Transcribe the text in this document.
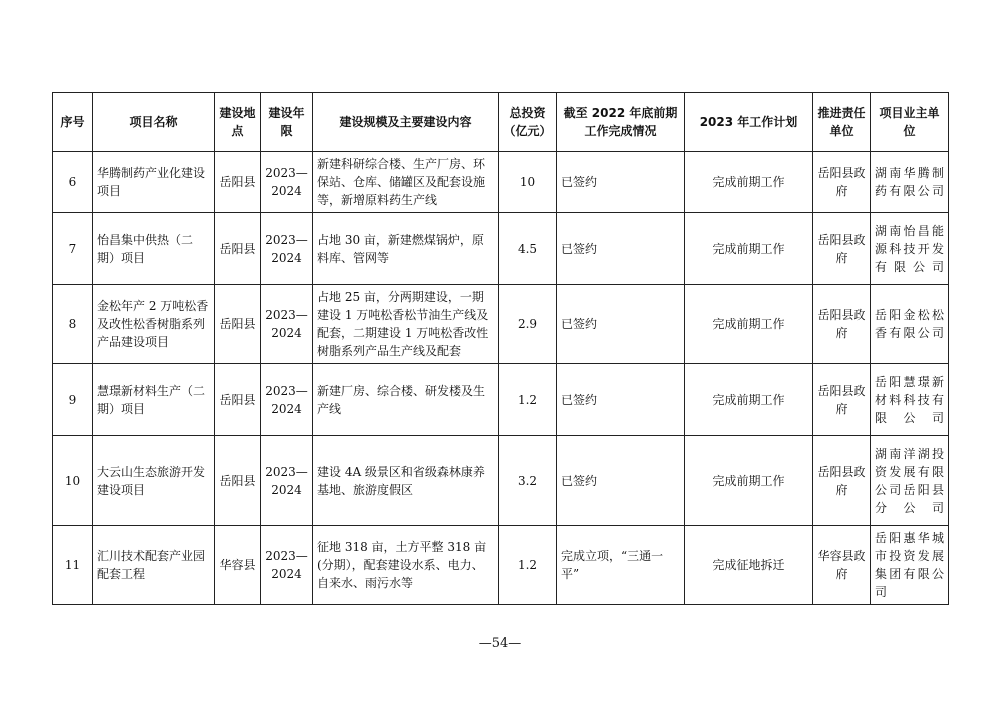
序号	项目名称	建设地点	建设年限	建设规模及主要建设内容	总投资（亿元）	截至 2022 年底前期工作完成情况	2023 年工作计划	推进责任单位	项目业主单位
6	华腾制药产业化建设项目	岳阳县	2023—2024	新建科研综合楼、生产厂房、环保站、仓库、储罐区及配套设施等，新增原料药生产线	10	已签约	完成前期工作	岳阳县政府	湖南华腾制药有限公司
7	怡昌集中供热（二期）项目	岳阳县	2023—2024	占地 30 亩，新建燃煤锅炉，原料库、管网等	4.5	已签约	完成前期工作	岳阳县政府	湖南怡昌能源科技开发有限公司
8	金松年产 2 万吨松香及改性松香树脂系列产品建设项目	岳阳县	2023—2024	占地 25 亩，分两期建设，一期建设 1 万吨松香松节油生产线及配套，二期建设 1 万吨松香改性树脂系列产品生产线及配套	2.9	已签约	完成前期工作	岳阳县政府	岳阳金松松香有限公司
9	慧璟新材料生产（二期）项目	岳阳县	2023—2024	新建厂房、综合楼、研发楼及生产线	1.2	已签约	完成前期工作	岳阳县政府	岳阳慧璟新材料科技有限公司
10	大云山生态旅游开发建设项目	岳阳县	2023—2024	建设 4A 级景区和省级森林康养基地、旅游度假区	3.2	已签约	完成前期工作	岳阳县政府	湖南洋湖投资发展有限公司岳阳县分公司
11	汇川技术配套产业园配套工程	华容县	2023—2024	征地 318 亩，土方平整 318 亩(分期），配套建设水系、电力、自来水、雨污水等	1.2	完成立项，“三通一平”	完成征地拆迁	华容县政府	岳阳惠华城市投资发展集团有限公司
—54—
